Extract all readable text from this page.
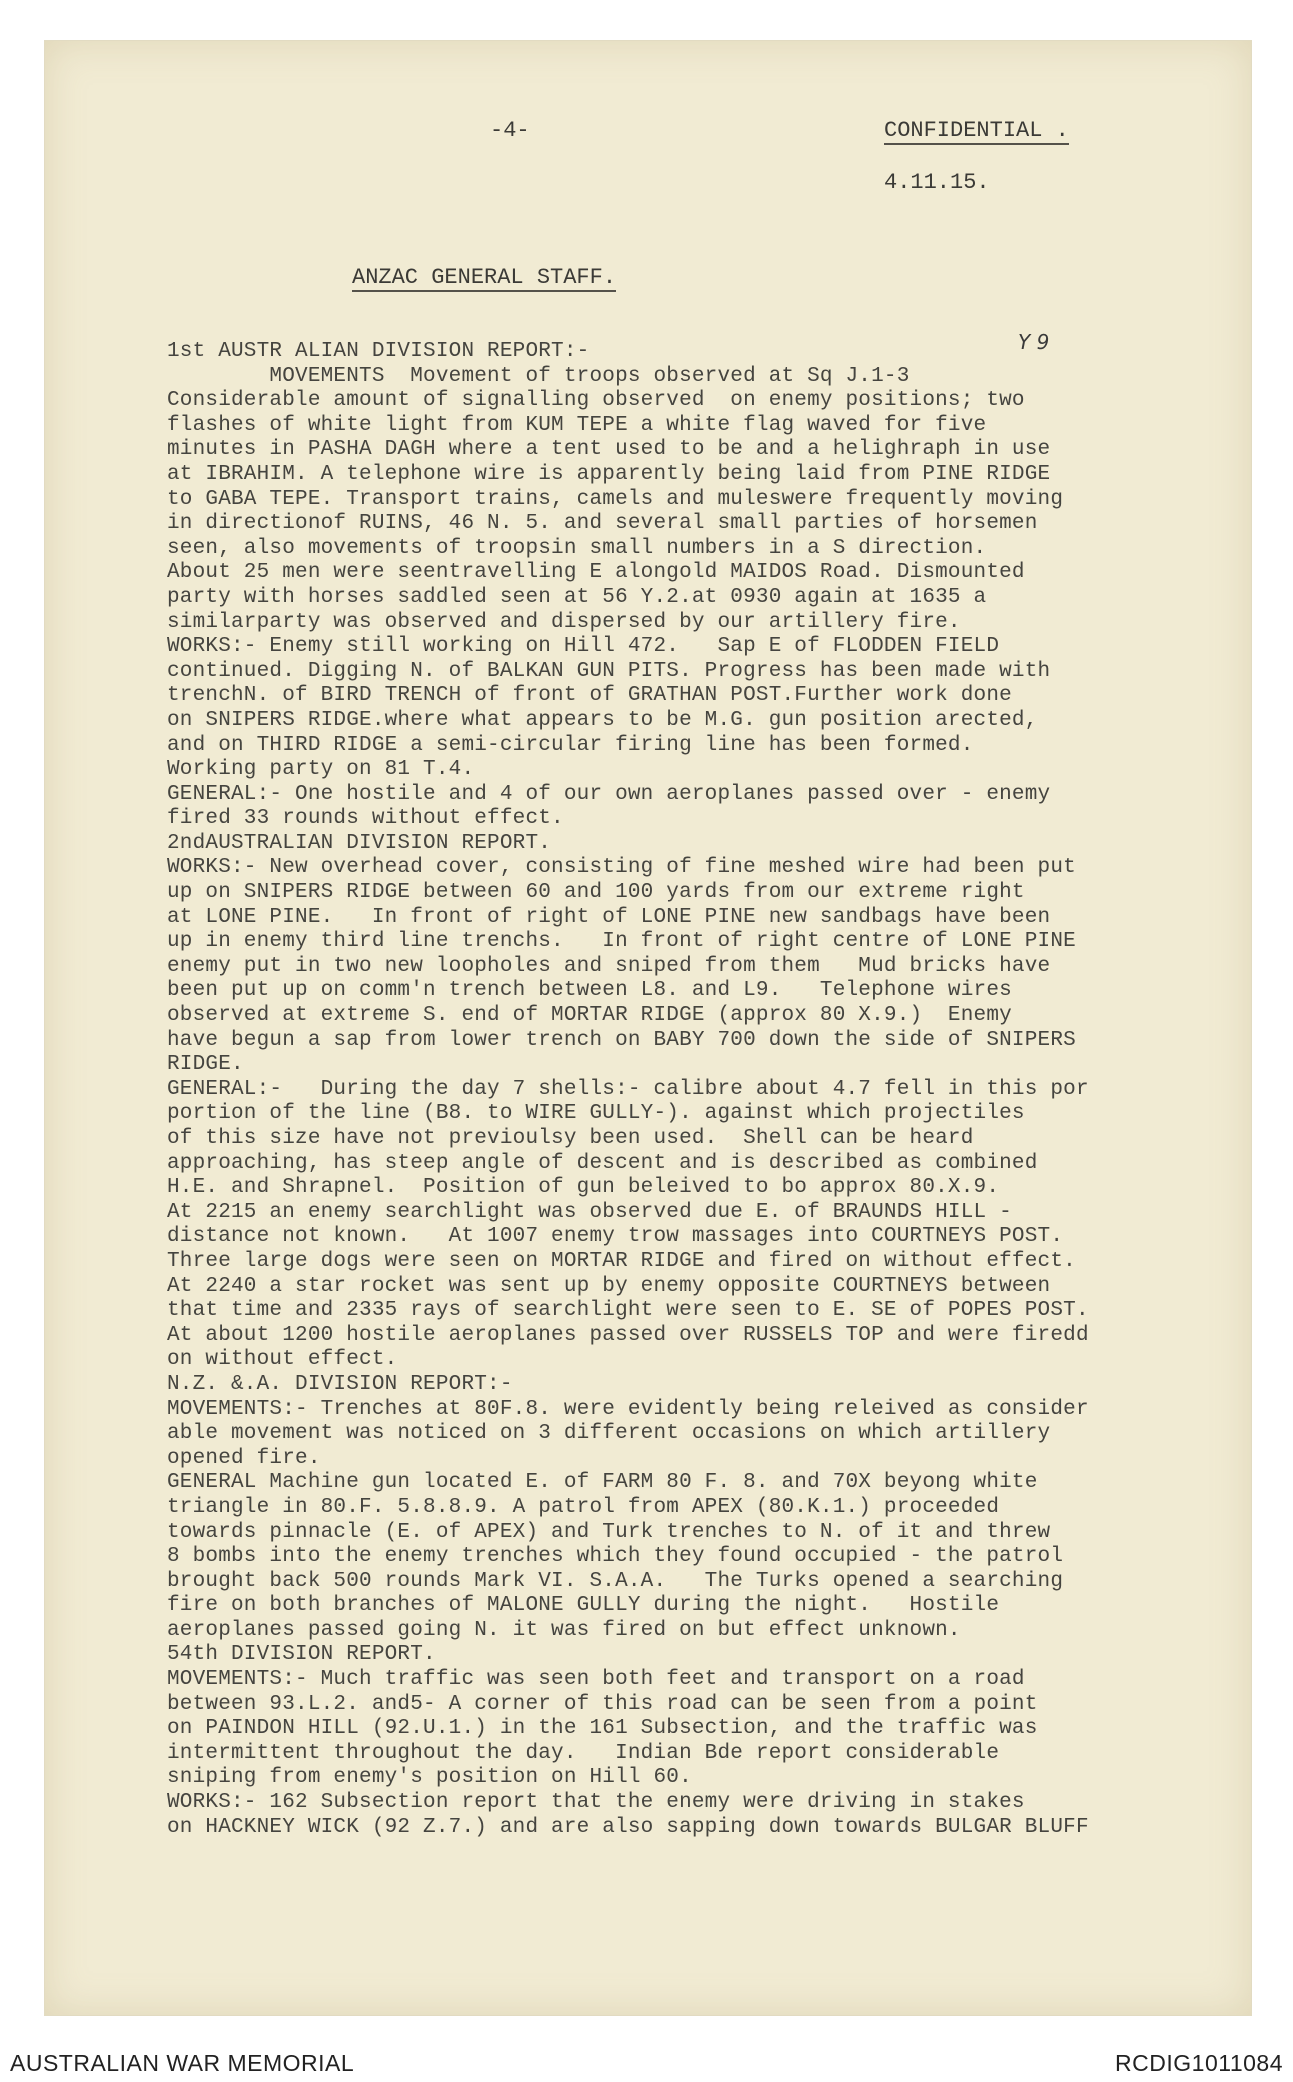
-4-	CONFIDENTIAL .
4.11.15.
Y 9
ANZAC GENERAL STAFF.
1st AUSTR ALIAN DIVISION REPORT:-
MOVEMENTS  Movement of troops observed at Sq J.1-3
Considerable amount of signalling observed  on enemy positions; two
flashes of white light from KUM TEPE a white flag waved for five
minutes in PASHA DAGH where a tent used to be and a helighraph in use
at IBRAHIM. A telephone wire is apparently being laid from PINE RIDGE
to GABA TEPE. Transport trains, camels and muleswere frequently moving
in directionof RUINS, 46 N. 5. and several small parties of horsemen
seen, also movements of troopsin small numbers in a S direction.
About 25 men were seentravelling E alongold MAIDOS Road. Dismounted
party with horses saddled seen at 56 Y.2.at 0930 again at 1635 a
similarparty was observed and dispersed by our artillery fire.
WORKS:- Enemy still working on Hill 472.   Sap E of FLODDEN FIELD
continued. Digging N. of BALKAN GUN PITS. Progress has been made with
trenchN. of BIRD TRENCH of front of GRATHAN POST.Further work done
on SNIPERS RIDGE.where what appears to be M.G. gun position arected,
and on THIRD RIDGE a semi-circular firing line has been formed.
Working party on 81 T.4.
GENERAL:- One hostile and 4 of our own aeroplanes passed over - enemy
fired 33 rounds without effect.
2ndAUSTRALIAN DIVISION REPORT.
WORKS:- New overhead cover, consisting of fine meshed wire had been put
up on SNIPERS RIDGE between 60 and 100 yards from our extreme right
at LONE PINE.   In front of right of LONE PINE new sandbags have been
up in enemy third line trenchs.   In front of right centre of LONE PINE
enemy put in two new loopholes and sniped from them   Mud bricks have
been put up on comm'n trench between L8. and L9.   Telephone wires
observed at extreme S. end of MORTAR RIDGE (approx 80 X.9.)  Enemy
have begun a sap from lower trench on BABY 700 down the side of SNIPERS
RIDGE.
GENERAL:-   During the day 7 shells:- calibre about 4.7 fell in this por
portion of the line (B8. to WIRE GULLY-). against which projectiles
of this size have not previoulsy been used.  Shell can be heard
approaching, has steep angle of descent and is described as combined
H.E. and Shrapnel.  Position of gun beleived to bo approx 80.X.9.
At 2215 an enemy searchlight was observed due E. of BRAUNDS HILL -
distance not known.   At 1007 enemy trow massages into COURTNEYS POST.
Three large dogs were seen on MORTAR RIDGE and fired on without effect.
At 2240 a star rocket was sent up by enemy opposite COURTNEYS between
that time and 2335 rays of searchlight were seen to E. SE of POPES POST.
At about 1200 hostile aeroplanes passed over RUSSELS TOP and were firedd
on without effect.
N.Z. &.A. DIVISION REPORT:-
MOVEMENTS:- Trenches at 80F.8. were evidently being releived as consider
able movement was noticed on 3 different occasions on which artillery
opened fire.
GENERAL Machine gun located E. of FARM 80 F. 8. and 70X beyong white
triangle in 80.F. 5.8.8.9. A patrol from APEX (80.K.1.) proceeded
towards pinnacle (E. of APEX) and Turk trenches to N. of it and threw
8 bombs into the enemy trenches which they found occupied - the patrol
brought back 500 rounds Mark VI. S.A.A.   The Turks opened a searching
fire on both branches of MALONE GULLY during the night.   Hostile
aeroplanes passed going N. it was fired on but effect unknown.
54th DIVISION REPORT.
MOVEMENTS:- Much traffic was seen both feet and transport on a road
between 93.L.2. and5- A corner of this road can be seen from a point
on PAINDON HILL (92.U.1.) in the 161 Subsection, and the traffic was
intermittent throughout the day.   Indian Bde report considerable
sniping from enemy's position on Hill 60.
WORKS:- 162 Subsection report that the enemy were driving in stakes
on HACKNEY WICK (92 Z.7.) and are also sapping down towards BULGAR BLUFF
AUSTRALIAN WAR MEMORIAL	RCDIG1011084
